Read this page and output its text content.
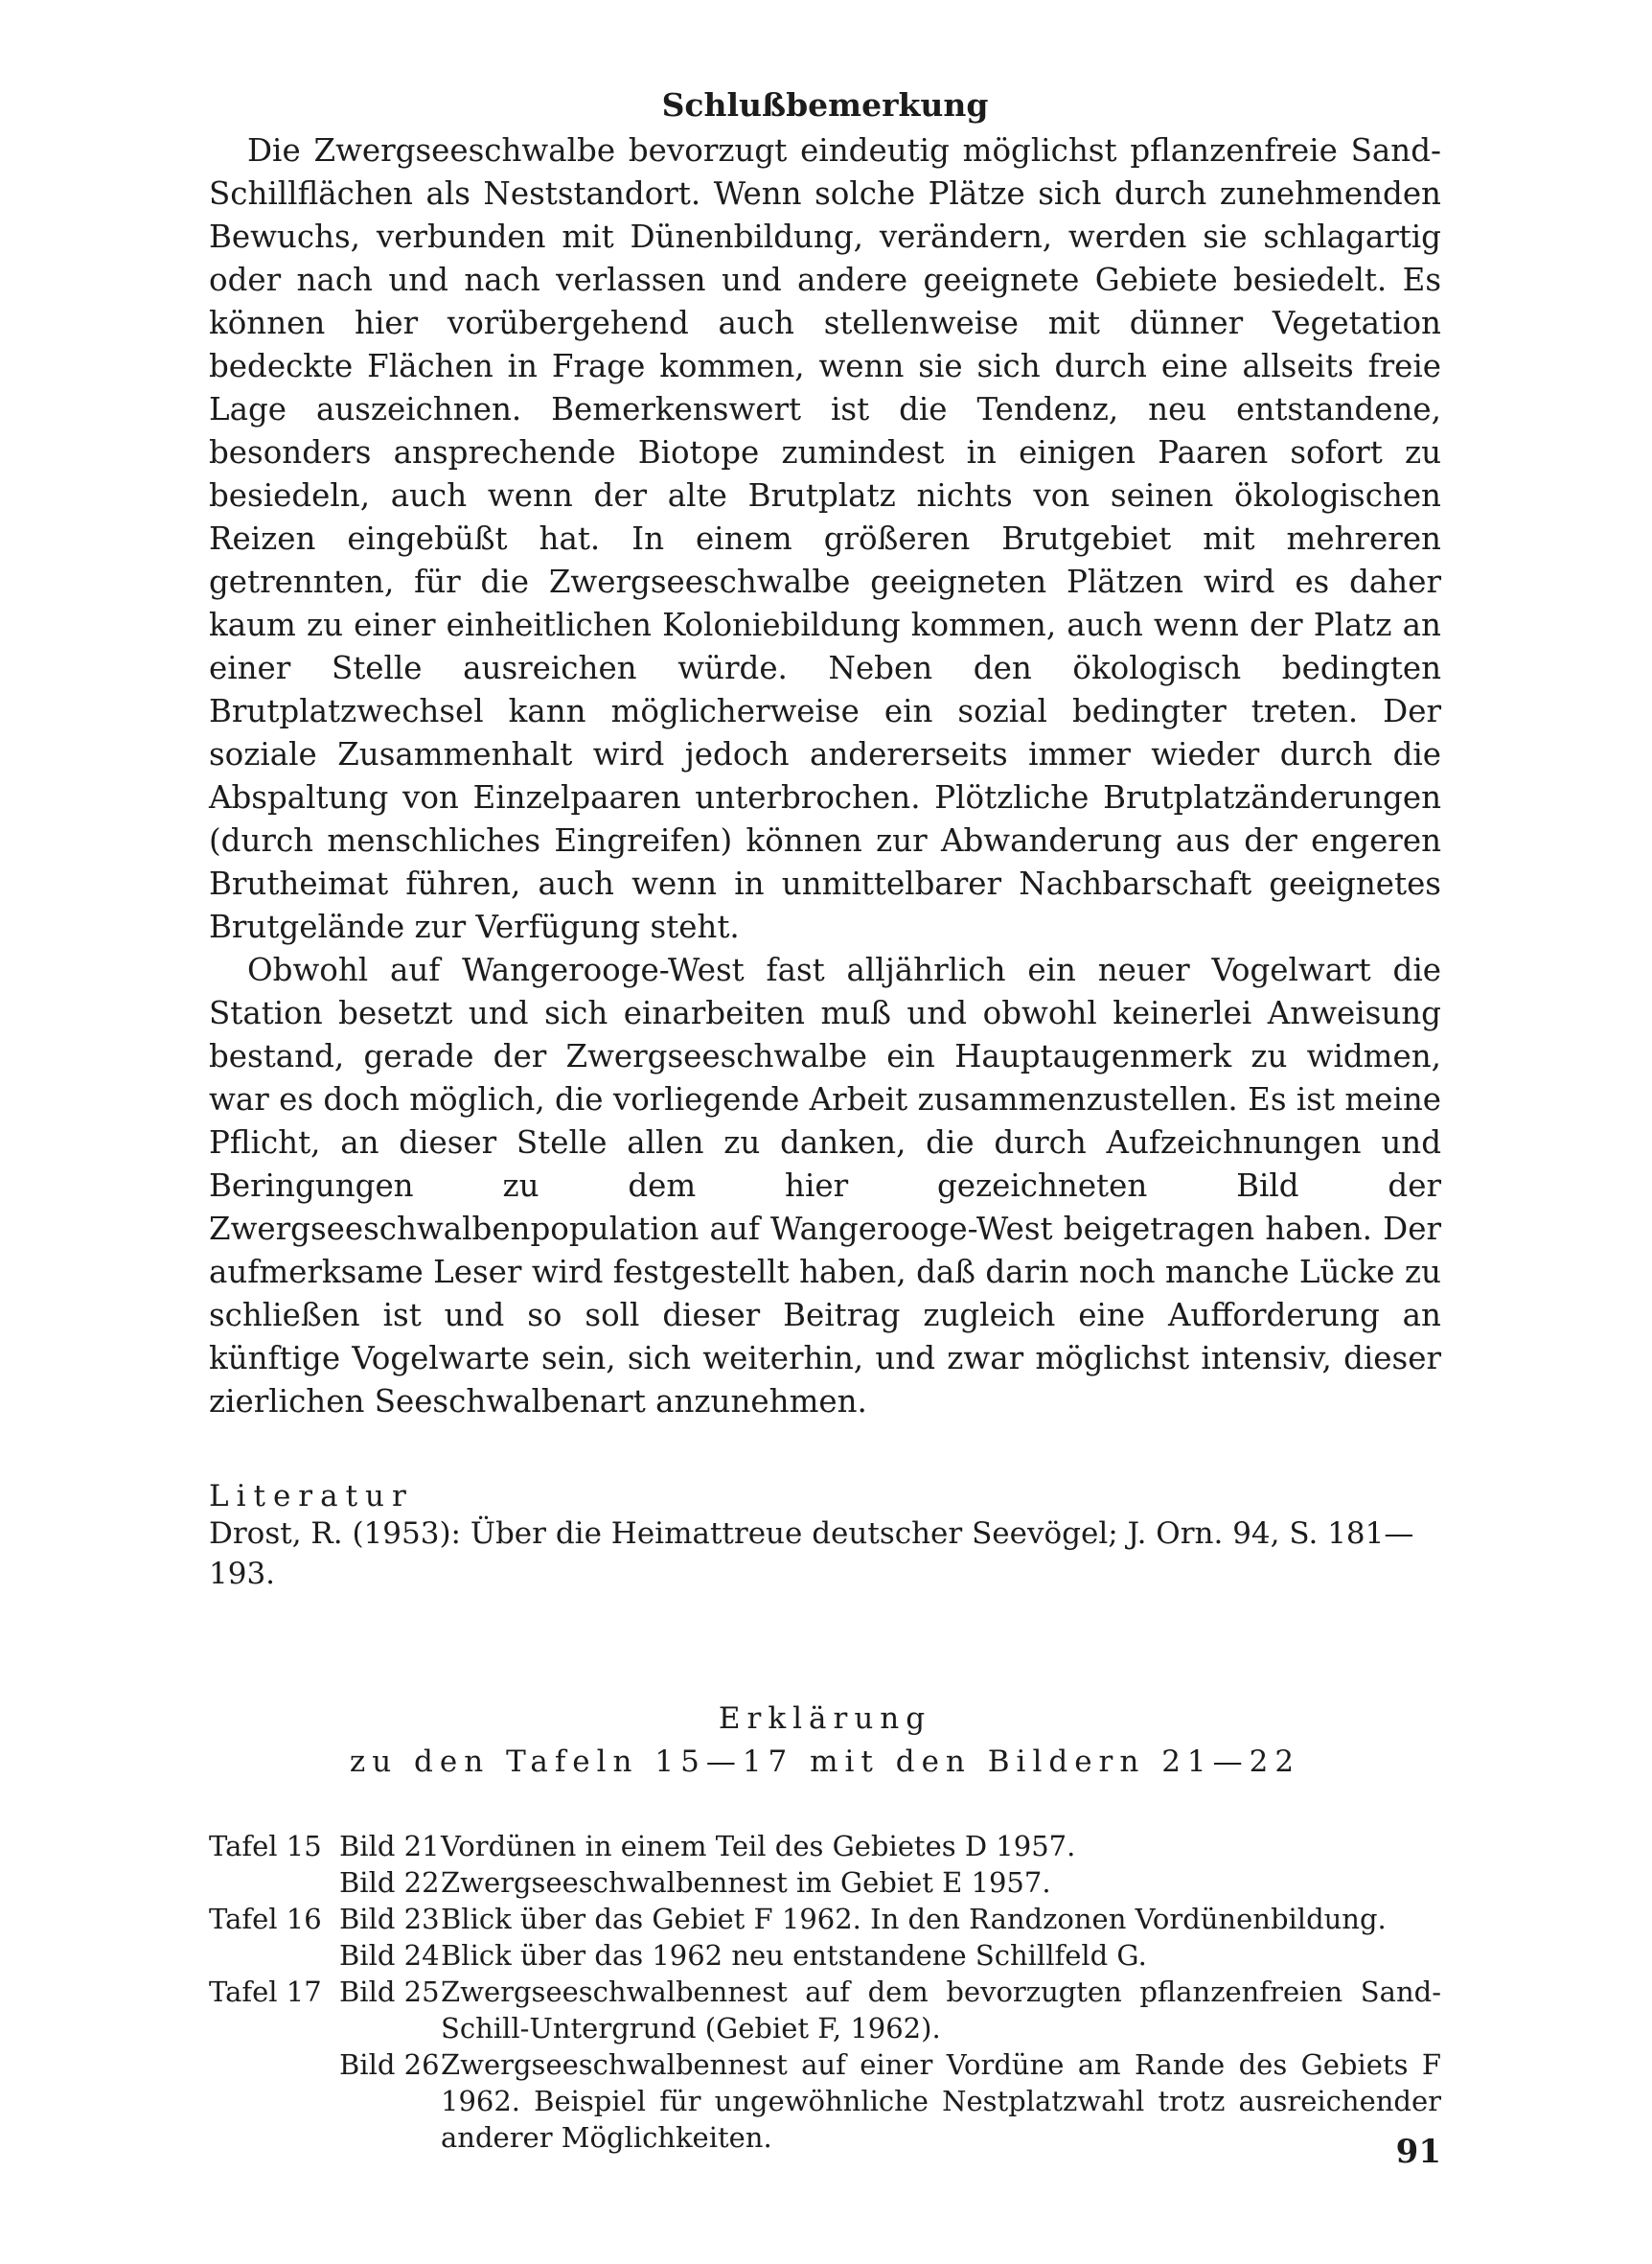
Schlußbemerkung

Die Zwergseeschwalbe bevorzugt eindeutig möglichst pflanzenfreie Sand-Schillflächen als Neststandort. Wenn solche Plätze sich durch zunehmenden Bewuchs, verbunden mit Dünenbildung, verändern, werden sie schlagartig oder nach und nach verlassen und andere geeignete Gebiete besiedelt. Es können hier vorübergehend auch stellenweise mit dünner Vegetation bedeckte Flächen in Frage kommen, wenn sie sich durch eine allseits freie Lage auszeichnen. Bemerkenswert ist die Tendenz, neu entstandene, besonders ansprechende Biotope zumindest in einigen Paaren sofort zu besiedeln, auch wenn der alte Brutplatz nichts von seinen ökologischen Reizen eingebüßt hat. In einem größeren Brutgebiet mit mehreren getrennten, für die Zwergseeschwalbe geeigneten Plätzen wird es daher kaum zu einer einheitlichen Koloniebildung kommen, auch wenn der Platz an einer Stelle ausreichen würde. Neben den ökologisch bedingten Brutplatzwechsel kann möglicherweise ein sozial bedingter treten. Der soziale Zusammenhalt wird jedoch andererseits immer wieder durch die Abspaltung von Einzelpaaren unterbrochen. Plötzliche Brutplatzänderungen (durch menschliches Eingreifen) können zur Abwanderung aus der engeren Brutheimat führen, auch wenn in unmittelbarer Nachbarschaft geeignetes Brutgelände zur Verfügung steht.

Obwohl auf Wangerooge-West fast alljährlich ein neuer Vogelwart die Station besetzt und sich einarbeiten muß und obwohl keinerlei Anweisung bestand, gerade der Zwergseeschwalbe ein Hauptaugenmerk zu widmen, war es doch möglich, die vorliegende Arbeit zusammenzustellen. Es ist meine Pflicht, an dieser Stelle allen zu danken, die durch Aufzeichnungen und Beringungen zu dem hier gezeichneten Bild der Zwergseeschwalbenpopulation auf Wangerooge-West beigetragen haben. Der aufmerksame Leser wird festgestellt haben, daß darin noch manche Lücke zu schließen ist und so soll dieser Beitrag zugleich eine Aufforderung an künftige Vogelwarte sein, sich weiterhin, und zwar möglichst intensiv, dieser zierlichen Seeschwalbenart anzunehmen.

Literatur
Drost, R. (1953): Über die Heimattreue deutscher Seevögel; J. Orn. 94, S. 181—193.
Erklärung
zu den Tafeln 15—17 mit den Bildern 21—22
Tafel 15	Bild 21	Vordünen in einem Teil des Gebietes D 1957.
	Bild 22	Zwergseeschwalbennest im Gebiet E 1957.
Tafel 16	Bild 23	Blick über das Gebiet F 1962. In den Randzonen Vordünenbildung.
	Bild 24	Blick über das 1962 neu entstandene Schillfeld G.
Tafel 17	Bild 25	Zwergseeschwalbennest auf dem bevorzugten pflanzenfreien Sand-Schill-Untergrund (Gebiet F, 1962).
	Bild 26	Zwergseeschwalbennest auf einer Vordüne am Rande des Gebiets F 1962. Beispiel für ungewöhnliche Nestplatzwahl trotz ausreichender anderer Möglichkeiten.	91
